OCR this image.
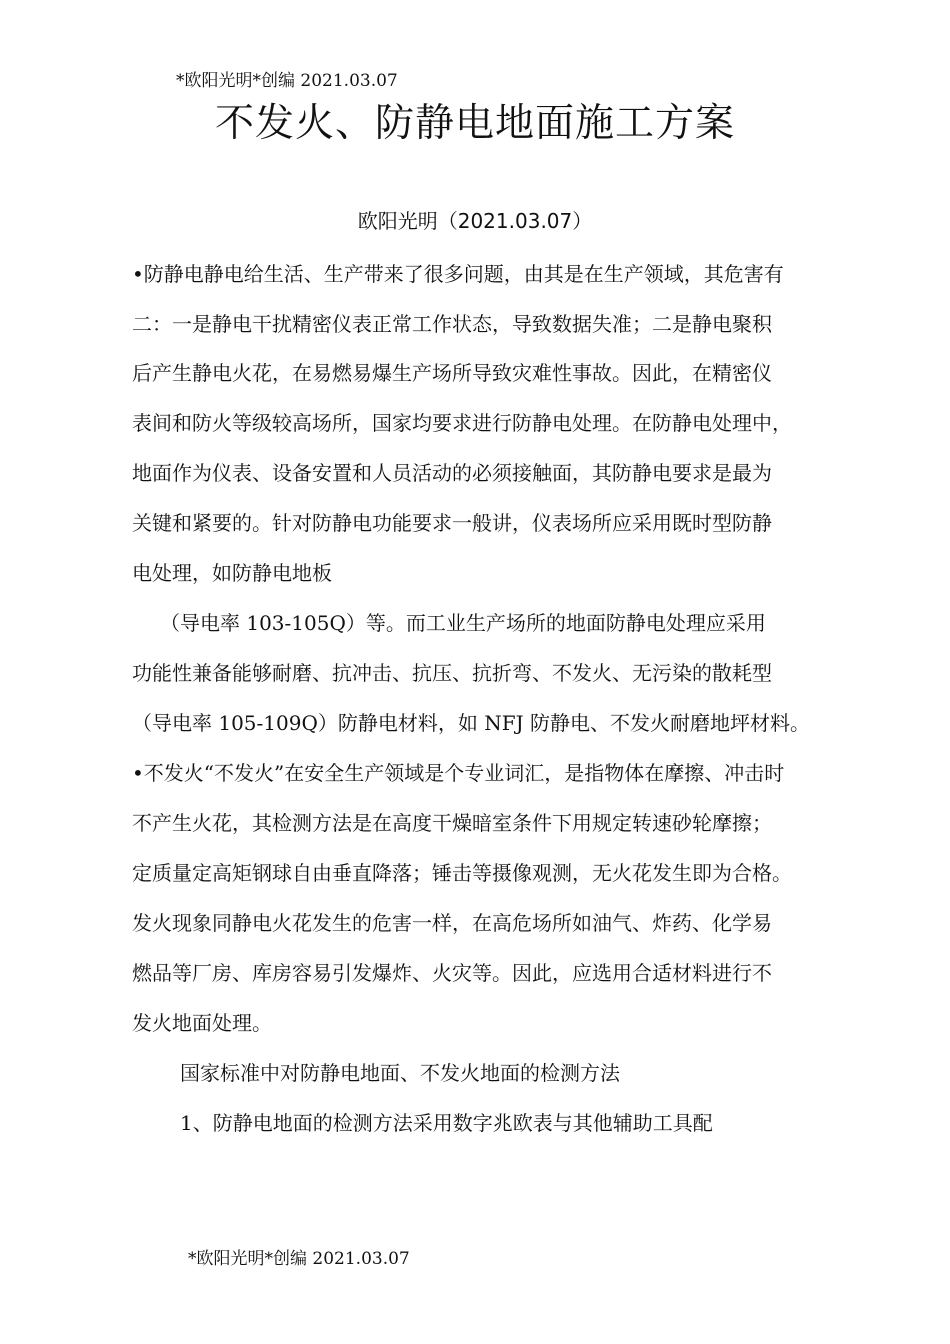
*欧阳光明*创编 2021.03.07
不发火、防静电地面施工方案
欧阳光明（2021.03.07）
•防静电静电给生活、生产带来了很多问题，由其是在生产领域，其危害有
二：一是静电干扰精密仪表正常工作状态，导致数据失准；二是静电聚积
后产生静电火花，在易燃易爆生产场所导致灾难性事故。因此，在精密仪
表间和防火等级较高场所，国家均要求进行防静电处理。在防静电处理中，
地面作为仪表、设备安置和人员活动的必须接触面，其防静电要求是最为
关键和紧要的。针对防静电功能要求一般讲，仪表场所应采用既时型防静
电处理，如防静电地板
（导电率 103-105Q）等。而工业生产场所的地面防静电处理应采用
功能性兼备能够耐磨、抗冲击、抗压、抗折弯、不发火、无污染的散耗型
（导电率 105-109Q）防静电材料，如 NFJ 防静电、不发火耐磨地坪材料。
•不发火“不发火”在安全生产领域是个专业词汇，是指物体在摩擦、冲击时
不产生火花，其检测方法是在高度干燥暗室条件下用规定转速砂轮摩擦；
定质量定高矩钢球自由垂直降落；锤击等摄像观测，无火花发生即为合格。
发火现象同静电火花发生的危害一样，在高危场所如油气、炸药、化学易
燃品等厂房、库房容易引发爆炸、火灾等。因此，应选用合适材料进行不
发火地面处理。
国家标准中对防静电地面、不发火地面的检测方法
1、防静电地面的检测方法采用数字兆欧表与其他辅助工具配
*欧阳光明*创编 2021.03.07
